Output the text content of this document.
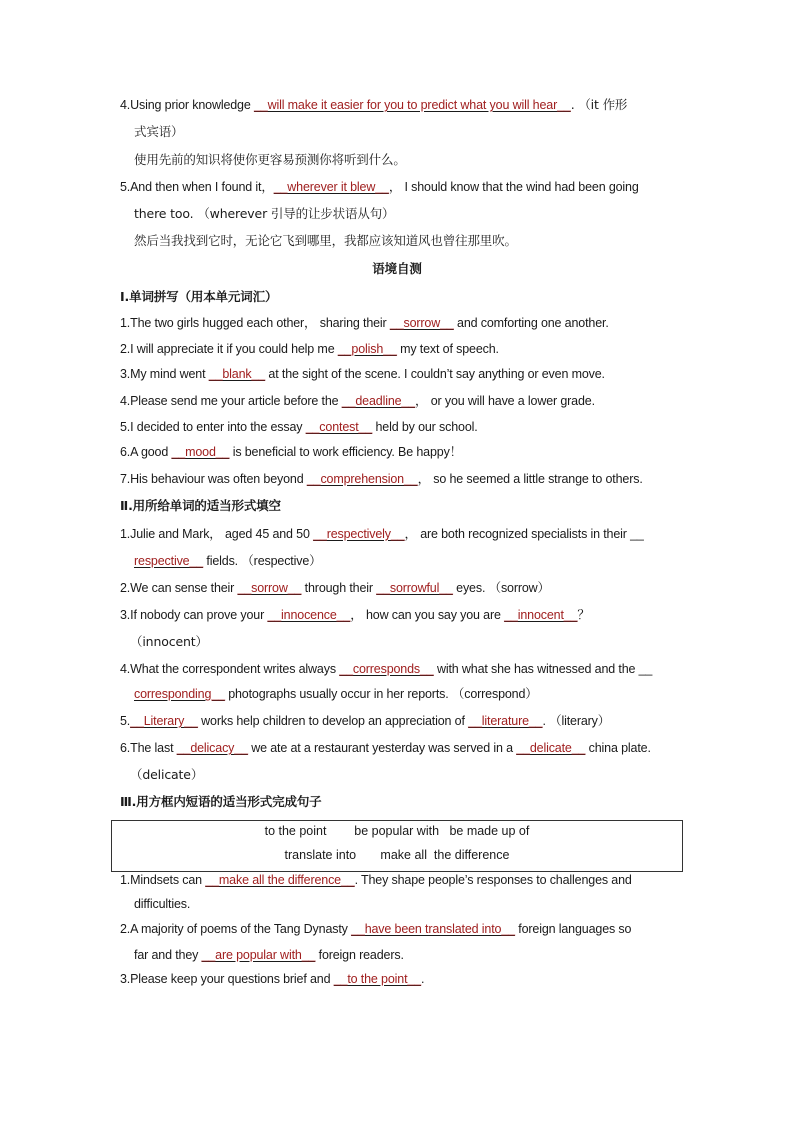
4.Using prior knowledge __will make it easier for you to predict what you will hear__. （it 作形
式宾语）
使用先前的知识将使你更容易预测你将听到什么。
5.And then when I found it，__wherever it blew__， I should know that the wind had been going
there too. （wherever 引导的让步状语从句）
然后当我找到它时，无论它飞到哪里，我都应该知道风也曾往那里吹。
语境自测
Ⅰ.单词拼写（用本单元词汇）
1.The two girls hugged each other， sharing their __sorrow__ and comforting one another.
2.I will appreciate it if you could help me __polish__ my text of speech.
3.My mind went __blank__ at the sight of the scene. I couldn’t say anything or even move.
4.Please send me your article before the __deadline__， or you will have a lower grade.
5.I decided to enter into the essay __contest__ held by our school.
6.A good __mood__ is beneficial to work efficiency. Be happy！
7.His behaviour was often beyond __comprehension__， so he seemed a little strange to others.
Ⅱ.用所给单词的适当形式填空
1.Julie and Mark， aged 45 and 50 __respectively__， are both recognized specialists in their __
respective__ fields. （respective）
2.We can sense their __sorrow__ through their __sorrowful__ eyes. （sorrow）
3.If nobody can prove your __innocence__， how can you say you are __innocent__？
（innocent）
4.What the correspondent writes always __corresponds__ with what she has witnessed and the __
corresponding__ photographs usually occur in her reports. （correspond）
5.__Literary__ works help children to develop an appreciation of __literature__. （literary）
6.The last __delicacy__ we ate at a restaurant yesterday was served in a __delicate__ china plate.
（delicate）
Ⅲ.用方框内短语的适当形式完成句子
to the point        be popular with   be made up of
translate into       make all  the difference
1.Mindsets can __make all the difference__. They shape people’s responses to challenges and
difficulties.
2.A majority of poems of the Tang Dynasty __have been translated into__ foreign languages so
far and they __are popular with__ foreign readers.
3.Please keep your questions brief and __to the point__.
